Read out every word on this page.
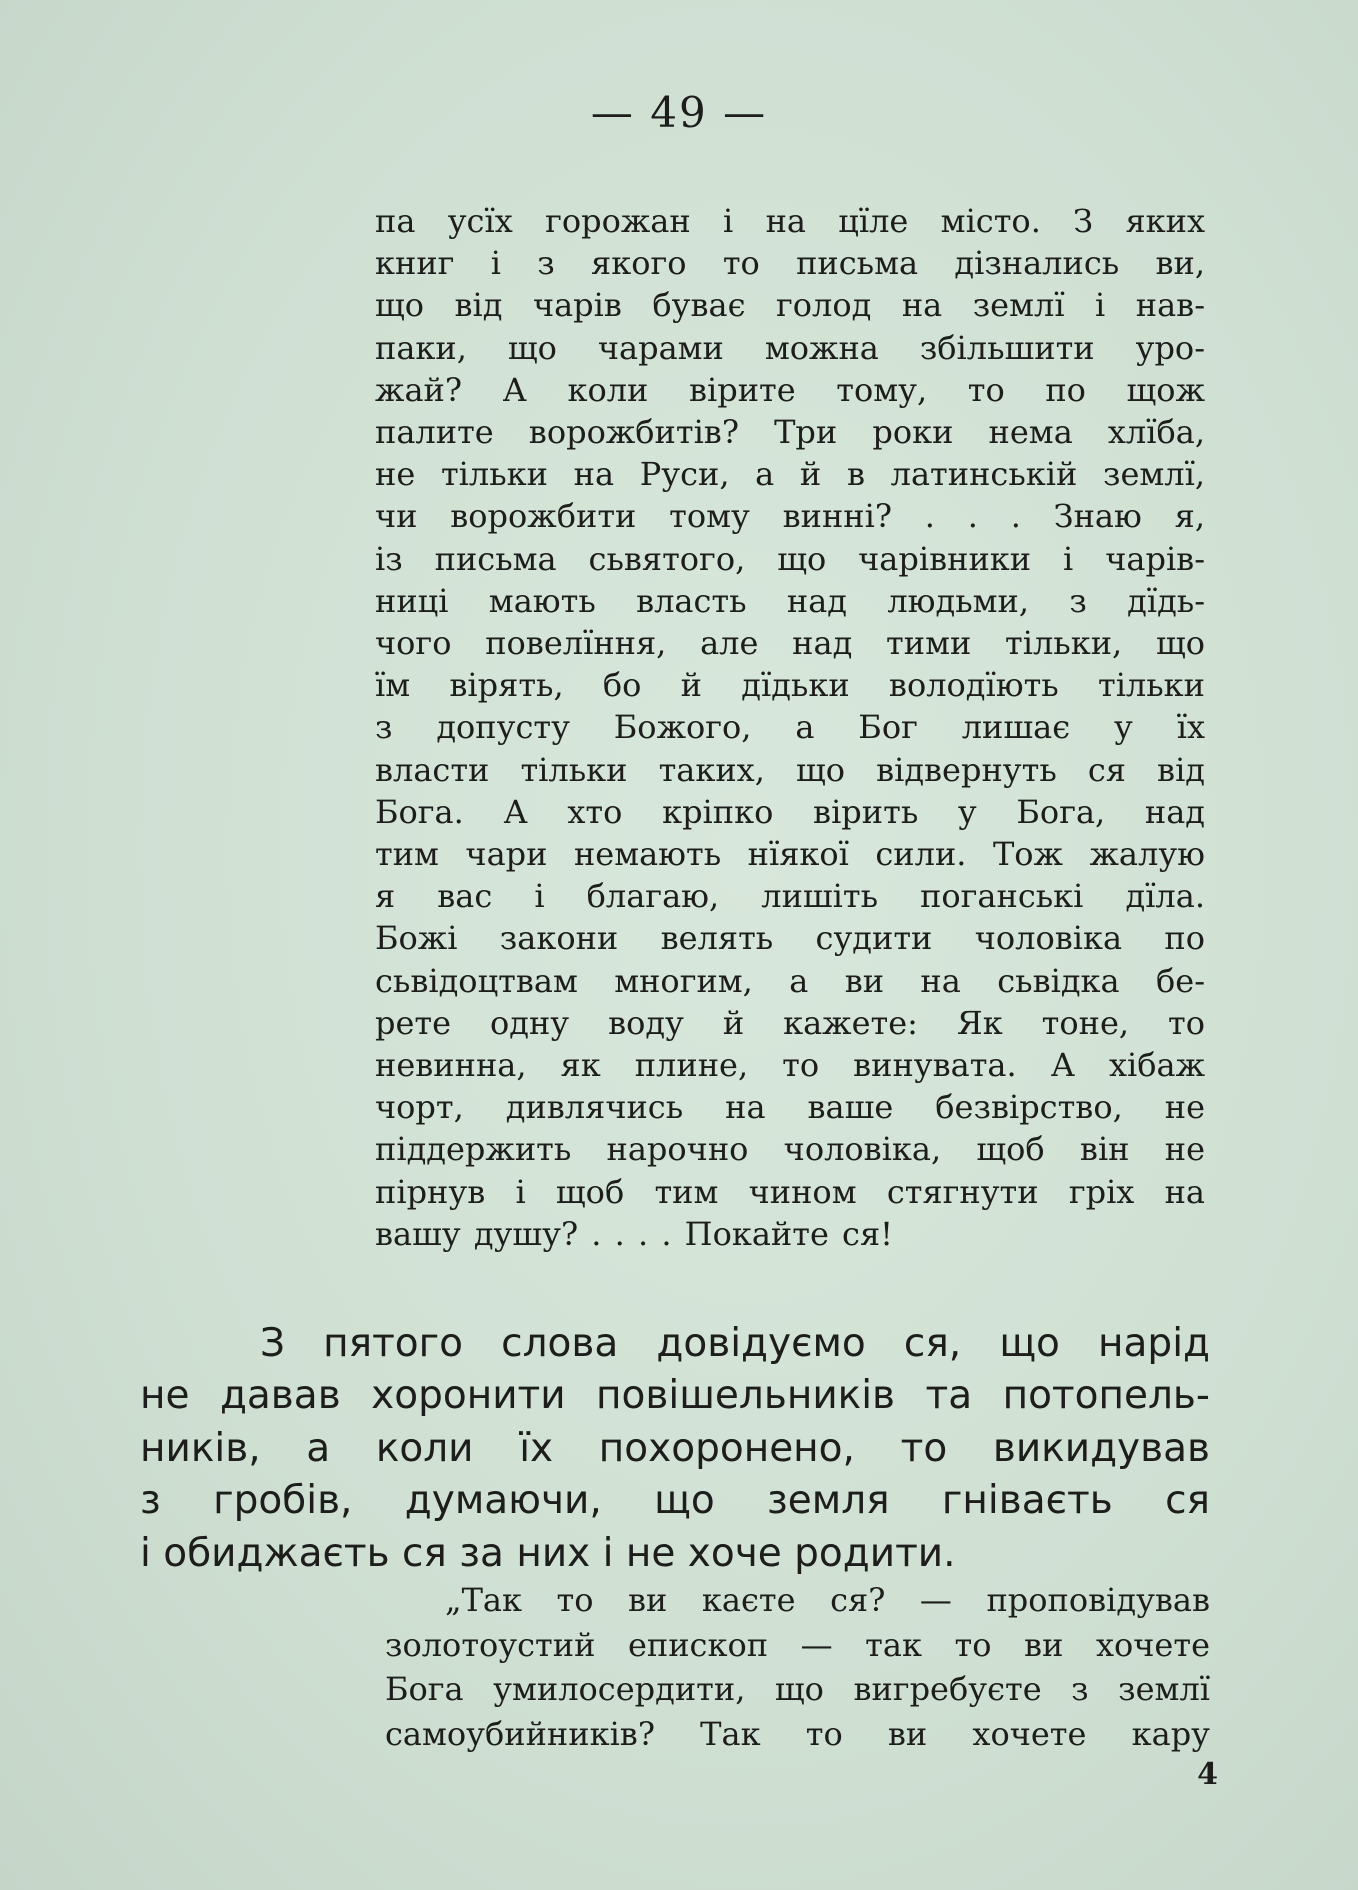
— 49 —
па усїх горожан і на цїле місто. З яких
книг і з якого то письма дізнались ви,
що від чарів буває голод на землї і нав-
паки, що чарами можна збільшити уро-
жай? А коли вірите тому, то по щож
палите ворожбитів? Три роки нема хлїба,
не тільки на Руси, а й в латинській землї,
чи ворожбити тому винні? . . . Знаю я,
із письма сьвятого, що чарівники і чарів-
ниці мають власть над людьми, з дїдь-
чого повелїння, але над тими тільки, що
їм вірять, бо й дїдьки володїють тільки
з допусту Божого, а Бог лишає у їх
власти тільки таких, що відвернуть ся від
Бога. А хто кріпко вірить у Бога, над
тим чари немають нїякої сили. Тож жалую
я вас і благаю, лишіть поганські дїла.
Божі закони велять судити чоловіка по
сьвідоцтвам многим, а ви на сьвідка бе-
рете одну воду й кажете: Як тоне, то
невинна, як плине, то винувата. А хібаж
чорт, дивлячись на ваше безвірство, не
піддержить нарочно чоловіка, щоб він не
пірнув і щоб тим чином стягнути гріх на
вашу душу? . . . . Покайте ся!
З пятого слова довідуємо ся, що нарід
не давав хоронити повішельників та потопель-
ників, а коли їх похоронено, то викидував
з гробів, думаючи, що земля гніваєть ся
і обиджаєть ся за них і не хоче родити.
„Так то ви каєте ся? — проповідував
золотоустий епископ — так то ви хочете
Бога умилосердити, що вигребуєте з землї
самоубийників? Так то ви хочете кару
4
